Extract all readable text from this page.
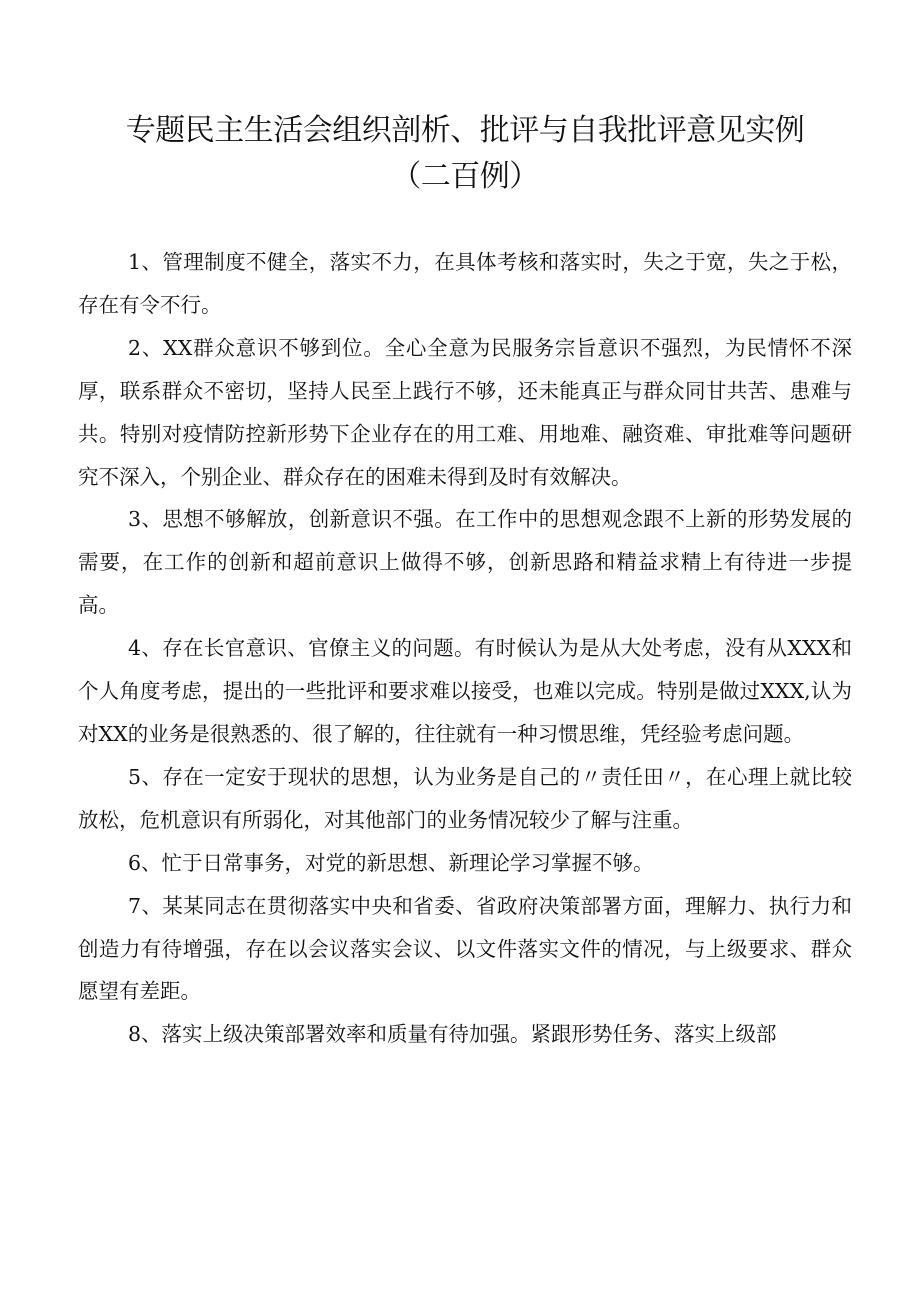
专题民主生活会组织剖析、批评与自我批评意见实例
（二百例）

1、管理制度不健全，落实不力，在具体考核和落实时，失之于宽，失之于松，存在有令不行。

2、XX群众意识不够到位。全心全意为民服务宗旨意识不强烈，为民情怀不深厚，联系群众不密切，坚持人民至上践行不够，还未能真正与群众同甘共苦、患难与共。特别对疫情防控新形势下企业存在的用工难、用地难、融资难、审批难等问题研究不深入，个别企业、群众存在的困难未得到及时有效解决。

3、思想不够解放，创新意识不强。在工作中的思想观念跟不上新的形势发展的需要，在工作的创新和超前意识上做得不够，创新思路和精益求精上有待进一步提高。

4、存在长官意识、官僚主义的问题。有时候认为是从大处考虑，没有从XXX和个人角度考虑，提出的一些批评和要求难以接受，也难以完成。特别是做过XXX,认为对XX的业务是很熟悉的、很了解的，往往就有一种习惯思维，凭经验考虑问题。

5、存在一定安于现状的思想，认为业务是自己的〃责任田〃，在心理上就比较放松，危机意识有所弱化，对其他部门的业务情况较少了解与注重。

6、忙于日常事务，对党的新思想、新理论学习掌握不够。

7、某某同志在贯彻落实中央和省委、省政府决策部署方面，理解力、执行力和创造力有待增强，存在以会议落实会议、以文件落实文件的情况，与上级要求、群众愿望有差距。

8、落实上级决策部署效率和质量有待加强。紧跟形势任务、落实上级部
